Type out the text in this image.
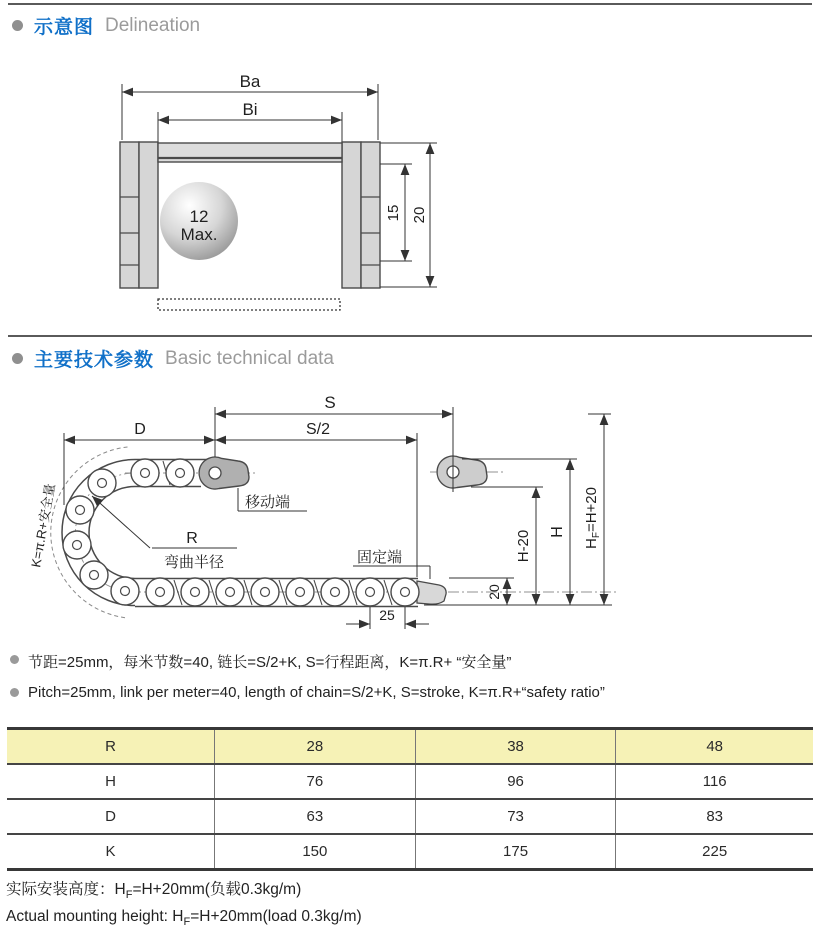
示意图 Delineation
Ba
Bi
12
Max.
15 20
主要技术参数 Basic technical data
S
S/2
D
K=π.R+安全量	移动端
R
弯曲半径	固定端
25
20
H-20 H
$H_F=H+20$
节距=25mm，每米节数=40, 链长=S/2+K, S=行程距离，K=π.R+ “安全量”
Pitch=25mm, link per meter=40, length of chain=S/2+K, S=stroke, K=π.R+“safety ratio”
R	28	38	48
H	76	96	116
D	63	73	83
K	150	175	225
实际安装高度：$H_F=H+20mm$(负载0.3kg/m)
Actual mounting height: $H_F=H+20mm(load$ 0.3kg/m)
